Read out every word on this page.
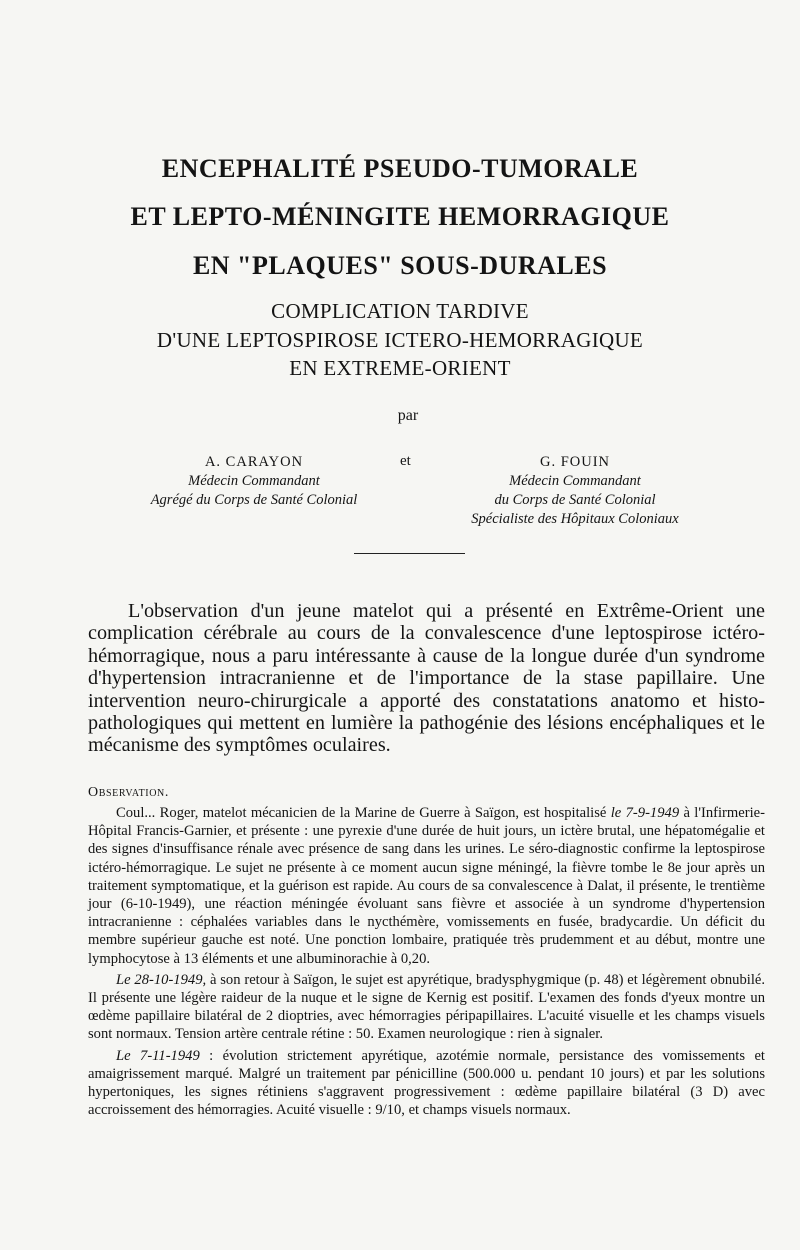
ENCEPHALITÉ PSEUDO-TUMORALE
ET LEPTO-MÉNINGITE HEMORRAGIQUE
EN "PLAQUES" SOUS-DURALES
COMPLICATION TARDIVE
D'UNE LEPTOSPIROSE ICTERO-HEMORRAGIQUE
EN EXTREME-ORIENT
par
A. CARAYON
Médecin Commandant
Agrégé du Corps de Santé Colonial
et	G. FOUIN
Médecin Commandant
du Corps de Santé Colonial
Spécialiste des Hôpitaux Coloniaux

L'observation d'un jeune matelot qui a présenté en Extrême-Orient une complication cérébrale au cours de la convalescence d'une leptospirose ictéro-hémorragique, nous a paru intéressante à cause de la longue durée d'un syndrome d'hypertension intracranienne et de l'importance de la stase papillaire. Une intervention neuro-chirurgicale a apporté des constatations anatomo et histo-pathologiques qui mettent en lumière la pathogénie des lésions encéphaliques et le mécanisme des symptômes oculaires.

Observation.

Coul... Roger, matelot mécanicien de la Marine de Guerre à Saïgon, est hospitalisé le 7-9-1949 à l'Infirmerie-Hôpital Francis-Garnier, et présente : une pyrexie d'une durée de huit jours, un ictère brutal, une hépatomégalie et des signes d'insuffisance rénale avec présence de sang dans les urines. Le séro-diagnostic confirme la leptospirose ictéro-hémorragique. Le sujet ne présente à ce moment aucun signe méningé, la fièvre tombe le 8e jour après un traitement symptomatique, et la guérison est rapide. Au cours de sa convalescence à Dalat, il présente, le trentième jour (6-10-1949), une réaction méningée évoluant sans fièvre et associée à un syndrome d'hypertension intracranienne : céphalées variables dans le nycthémère, vomissements en fusée, bradycardie. Un déficit du membre supérieur gauche est noté. Une ponction lombaire, pratiquée très prudemment et au début, montre une lymphocytose à 13 éléments et une albuminorachie à 0,20.

Le 28-10-1949, à son retour à Saïgon, le sujet est apyrétique, bradysphygmique (p. 48) et légèrement obnubilé. Il présente une légère raideur de la nuque et le signe de Kernig est positif. L'examen des fonds d'yeux montre un œdème papillaire bilatéral de 2 dioptries, avec hémorragies péripapillaires. L'acuité visuelle et les champs visuels sont normaux. Tension artère centrale rétine : 50. Examen neurologique : rien à signaler.

Le 7-11-1949 : évolution strictement apyrétique, azotémie normale, persistance des vomissements et amaigrissement marqué. Malgré un traitement par pénicilline (500.000 u. pendant 10 jours) et par les solutions hypertoniques, les signes rétiniens s'aggravent progressivement : œdème papillaire bilatéral (3 D) avec accroissement des hémorragies. Acuité visuelle : 9/10, et champs visuels normaux.
